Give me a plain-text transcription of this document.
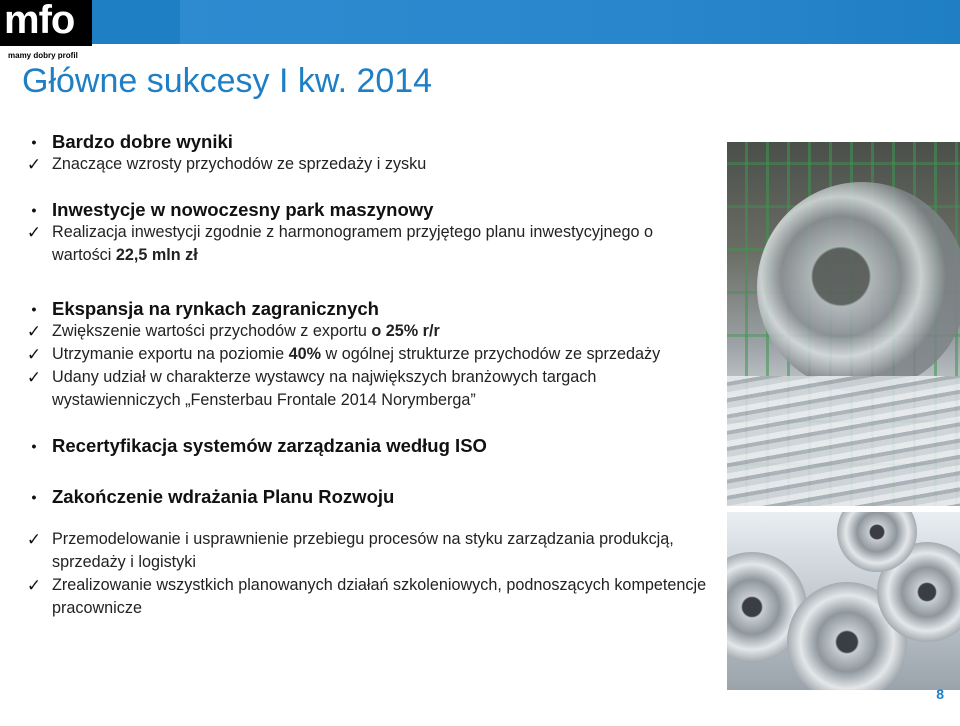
mfo
mamy dobry profil
Główne sukcesy I kw. 2014
• Bardzo dobre wyniki
✓ Znaczące wzrosty przychodów ze sprzedaży i zysku
• Inwestycje w nowoczesny park maszynowy
✓ Realizacja inwestycji zgodnie z harmonogramem przyjętego planu inwestycyjnego o wartości 22,5 mln zł
• Ekspansja na rynkach zagranicznych
✓ Zwiększenie wartości przychodów z exportu o 25% r/r
✓ Utrzymanie exportu na poziomie 40% w ogólnej strukturze przychodów ze sprzedaży
✓ Udany udział w charakterze wystawcy na największych branżowych targach wystawienniczych „Fensterbau Frontale 2014 Norymberga”
• Recertyfikacja systemów zarządzania według ISO
• Zakończenie wdrażania Planu Rozwoju
✓ Przemodelowanie i usprawnienie przebiegu procesów na styku zarządzania produkcją, sprzedaży i logistyki
✓ Zrealizowanie wszystkich planowanych działań szkoleniowych, podnoszących kompetencje pracownicze
8
